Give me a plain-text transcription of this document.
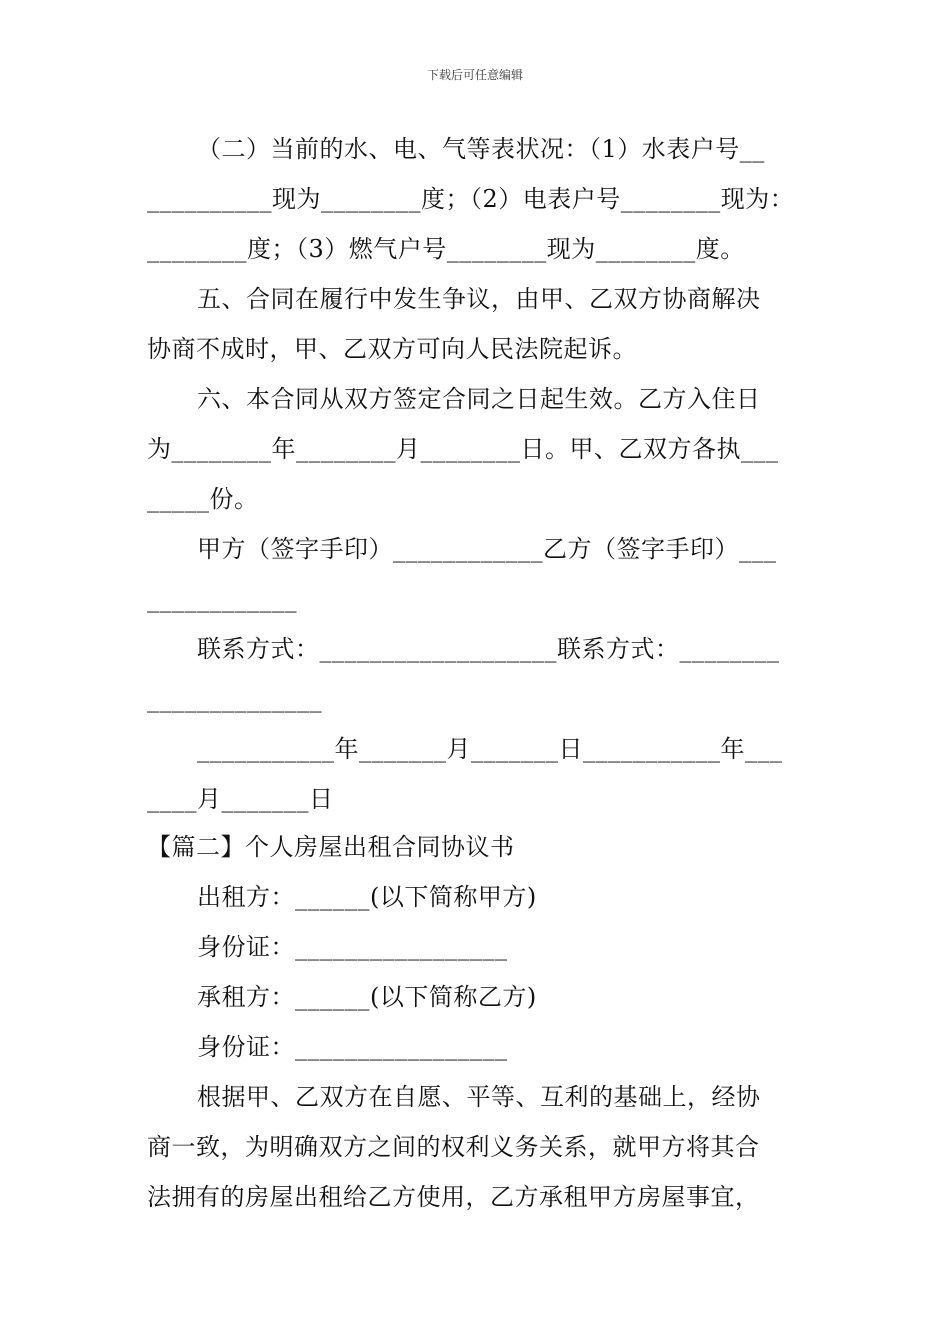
下载后可任意编辑
（二）当前的水、电、气等表状况：（1）水表户号__
__________现为________度；（2）电表户号________现为：
________度；（3）燃气户号________现为________度。
五、合同在履行中发生争议，由甲、乙双方协商解决
协商不成时，甲、乙双方可向人民法院起诉。
六、本合同从双方签定合同之日起生效。乙方入住日
为________年________月________日。甲、乙双方各执___
_____份。
甲方（签字手印）____________乙方（签字手印）___
____________
联系方式：___________________联系方式：________
______________
___________年_______月_______日___________年___
____月_______日
【篇二】个人房屋出租合同协议书
出租方：______(以下简称甲方)
身份证：_________________
承租方：______(以下简称乙方)
身份证：_________________
根据甲、乙双方在自愿、平等、互利的基础上，经协
商一致，为明确双方之间的权利义务关系，就甲方将其合
法拥有的房屋出租给乙方使用，乙方承租甲方房屋事宜，
